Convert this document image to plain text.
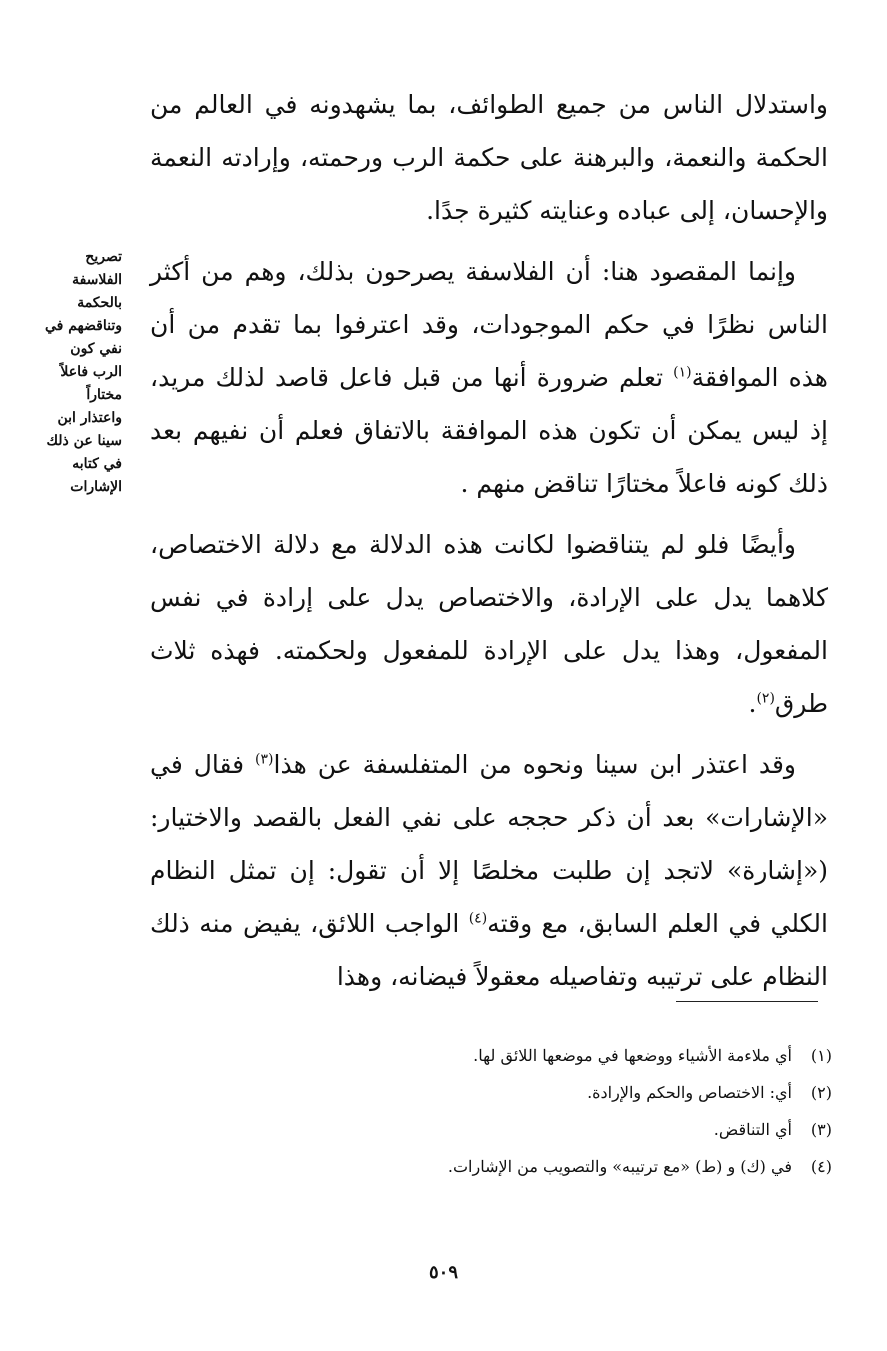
واستدلال الناس من جميع الطوائف، بما يشهدونه في العالم من الحكمة والنعمة، والبرهنة على حكمة الرب ورحمته، وإرادته النعمة والإحسان، إلى عباده وعنايته كثيرة جدًا.

وإنما المقصود هنا: أن الفلاسفة يصرحون بذلك، وهم من أكثر الناس نظرًا في حكم الموجودات، وقد اعترفوا بما تقدم من أن هذه الموافقة$^{(١)}$ تعلم ضرورة أنها من قبل فاعل قاصد لذلك مريد، إذ ليس يمكن أن تكون هذه الموافقة بالاتفاق فعلم أن نفيهم بعد ذلك كونه فاعلاً مختارًا تناقض منهم .

وأيضًا فلو لم يتناقضوا لكانت هذه الدلالة مع دلالة الاختصاص، كلاهما يدل على الإرادة، والاختصاص يدل على إرادة في نفس المفعول، وهذا يدل على الإرادة للمفعول ولحكمته. فهذه ثلاث طرق$^{(٢)}$.

وقد اعتذر ابن سينا ونحوه من المتفلسفة عن هذا$^{(٣)}$ فقال في «الإشارات» بعد أن ذكر حججه على نفي الفعل بالقصد والاختيار: («إشارة» لاتجد إن طلبت مخلصًا إلا أن تقول: إن تمثل النظام الكلي في العلم السابق، مع وقته$^{(٤)}$ الواجب اللائق، يفيض منه ذلك النظام على ترتيبه وتفاصيله معقولاً فيضانه، وهذا

تصريح
الفلاسفة
بالحكمة
وتناقضهم في
نفي كون
الرب فاعلاً
مختاراً
واعتذار ابن
سينا عن ذلك
في كتابه
الإشارات
(١)أي ملاءمة الأشياء ووضعها في موضعها اللائق لها.
(٢)أي: الاختصاص والحكم والإرادة.
(٣)أي التناقض.
(٤)في (ك) و (ط) «مع ترتيبه» والتصويب من الإشارات.
٥٠٩
